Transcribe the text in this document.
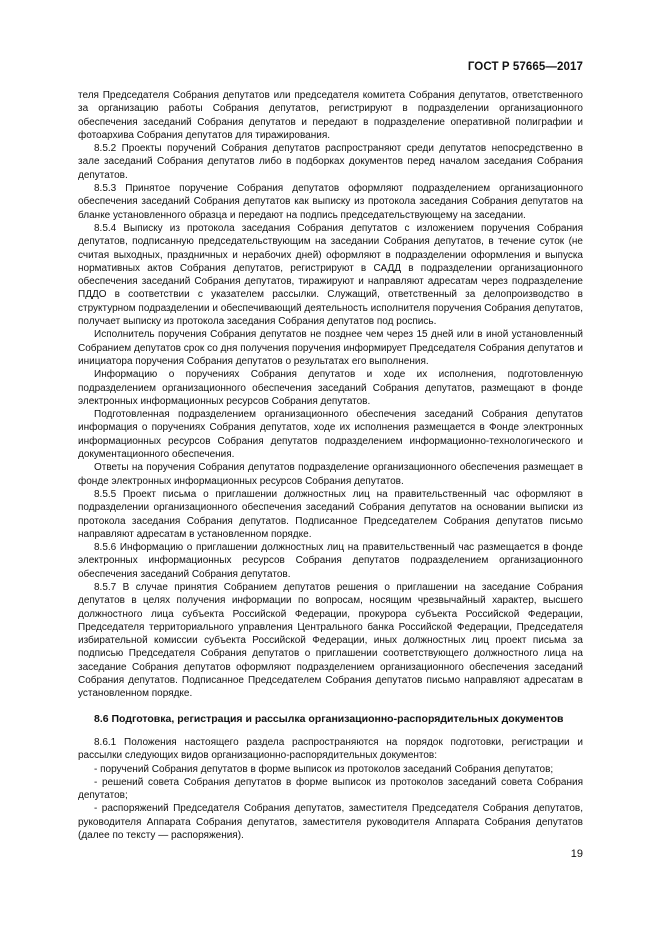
ГОСТ Р 57665—2017

теля Председателя Собрания депутатов или председателя комитета Собрания депутатов, ответственного за организацию работы Собрания депутатов, регистрируют в подразделении организационного обеспечения заседаний Собрания депутатов и передают в подразделение оперативной полиграфии и фотоархива Собрания депутатов для тиражирования.

8.5.2 Проекты поручений Собрания депутатов распространяют среди депутатов непосредственно в зале заседаний Собрания депутатов либо в подборках документов перед началом заседания Собрания депутатов.

8.5.3 Принятое поручение Собрания депутатов оформляют подразделением организационного обеспечения заседаний Собрания депутатов как выписку из протокола заседания Собрания депутатов на бланке установленного образца и передают на подпись председательствующему на заседании.

8.5.4 Выписку из протокола заседания Собрания депутатов с изложением поручения Собрания депутатов, подписанную председательствующим на заседании Собрания депутатов, в течение суток (не считая выходных, праздничных и нерабочих дней) оформляют в подразделении оформления и выпуска нормативных актов Собрания депутатов, регистрируют в САДД в подразделении организационного обеспечения заседаний Собрания депутатов, тиражируют и направляют адресатам через подразделение ПДДО в соответствии с указателем рассылки. Служащий, ответственный за делопроизводство в структурном подразделении и обеспечивающий деятельность исполнителя поручения Собрания депутатов, получает выписку из протокола заседания Собрания депутатов под роспись.

Исполнитель поручения Собрания депутатов не позднее чем через 15 дней или в иной установленный Собранием депутатов срок со дня получения поручения информирует Председателя Собрания депутатов и инициатора поручения Собрания депутатов о результатах его выполнения.

Информацию о поручениях Собрания депутатов и ходе их исполнения, подготовленную подразделением организационного обеспечения заседаний Собрания депутатов, размещают в фонде электронных информационных ресурсов Собрания депутатов.

Подготовленная подразделением организационного обеспечения заседаний Собрания депутатов информация о поручениях Собрания депутатов, ходе их исполнения размещается в Фонде электронных информационных ресурсов Собрания депутатов подразделением информационно-технологического и документационного обеспечения.

Ответы на поручения Собрания депутатов подразделение организационного обеспечения размещает в фонде электронных информационных ресурсов Собрания депутатов.

8.5.5 Проект письма о приглашении должностных лиц на правительственный час оформляют в подразделении организационного обеспечения заседаний Собрания депутатов на основании выписки из протокола заседания Собрания депутатов. Подписанное Председателем Собрания депутатов письмо направляют адресатам в установленном порядке.

8.5.6 Информацию о приглашении должностных лиц на правительственный час размещается в фонде электронных информационных ресурсов Собрания депутатов подразделением организационного обеспечения заседаний Собрания депутатов.

8.5.7 В случае принятия Собранием депутатов решения о приглашении на заседание Собрания депутатов в целях получения информации по вопросам, носящим чрезвычайный характер, высшего должностного лица субъекта Российской Федерации, прокурора субъекта Российской Федерации, Председателя территориального управления Центрального банка Российской Федерации, Председателя избирательной комиссии субъекта Российской Федерации, иных должностных лиц проект письма за подписью Председателя Собрания депутатов о приглашении соответствующего должностного лица на заседание Собрания депутатов оформляют подразделением организационного обеспечения заседаний Собрания депутатов. Подписанное Председателем Собрания депутатов письмо направляют адресатам в установленном порядке.

8.6 Подготовка, регистрация и рассылка организационно-распорядительных документов

8.6.1 Положения настоящего раздела распространяются на порядок подготовки, регистрации и рассылки следующих видов организационно-распорядительных документов:

- поручений Собрания депутатов в форме выписок из протоколов заседаний Собрания депутатов;

- решений совета Собрания депутатов в форме выписок из протоколов заседаний совета Собрания депутатов;

- распоряжений Председателя Собрания депутатов, заместителя Председателя Собрания депутатов, руководителя Аппарата Собрания депутатов, заместителя руководителя Аппарата Собрания депутатов (далее по тексту — распоряжения).

19
